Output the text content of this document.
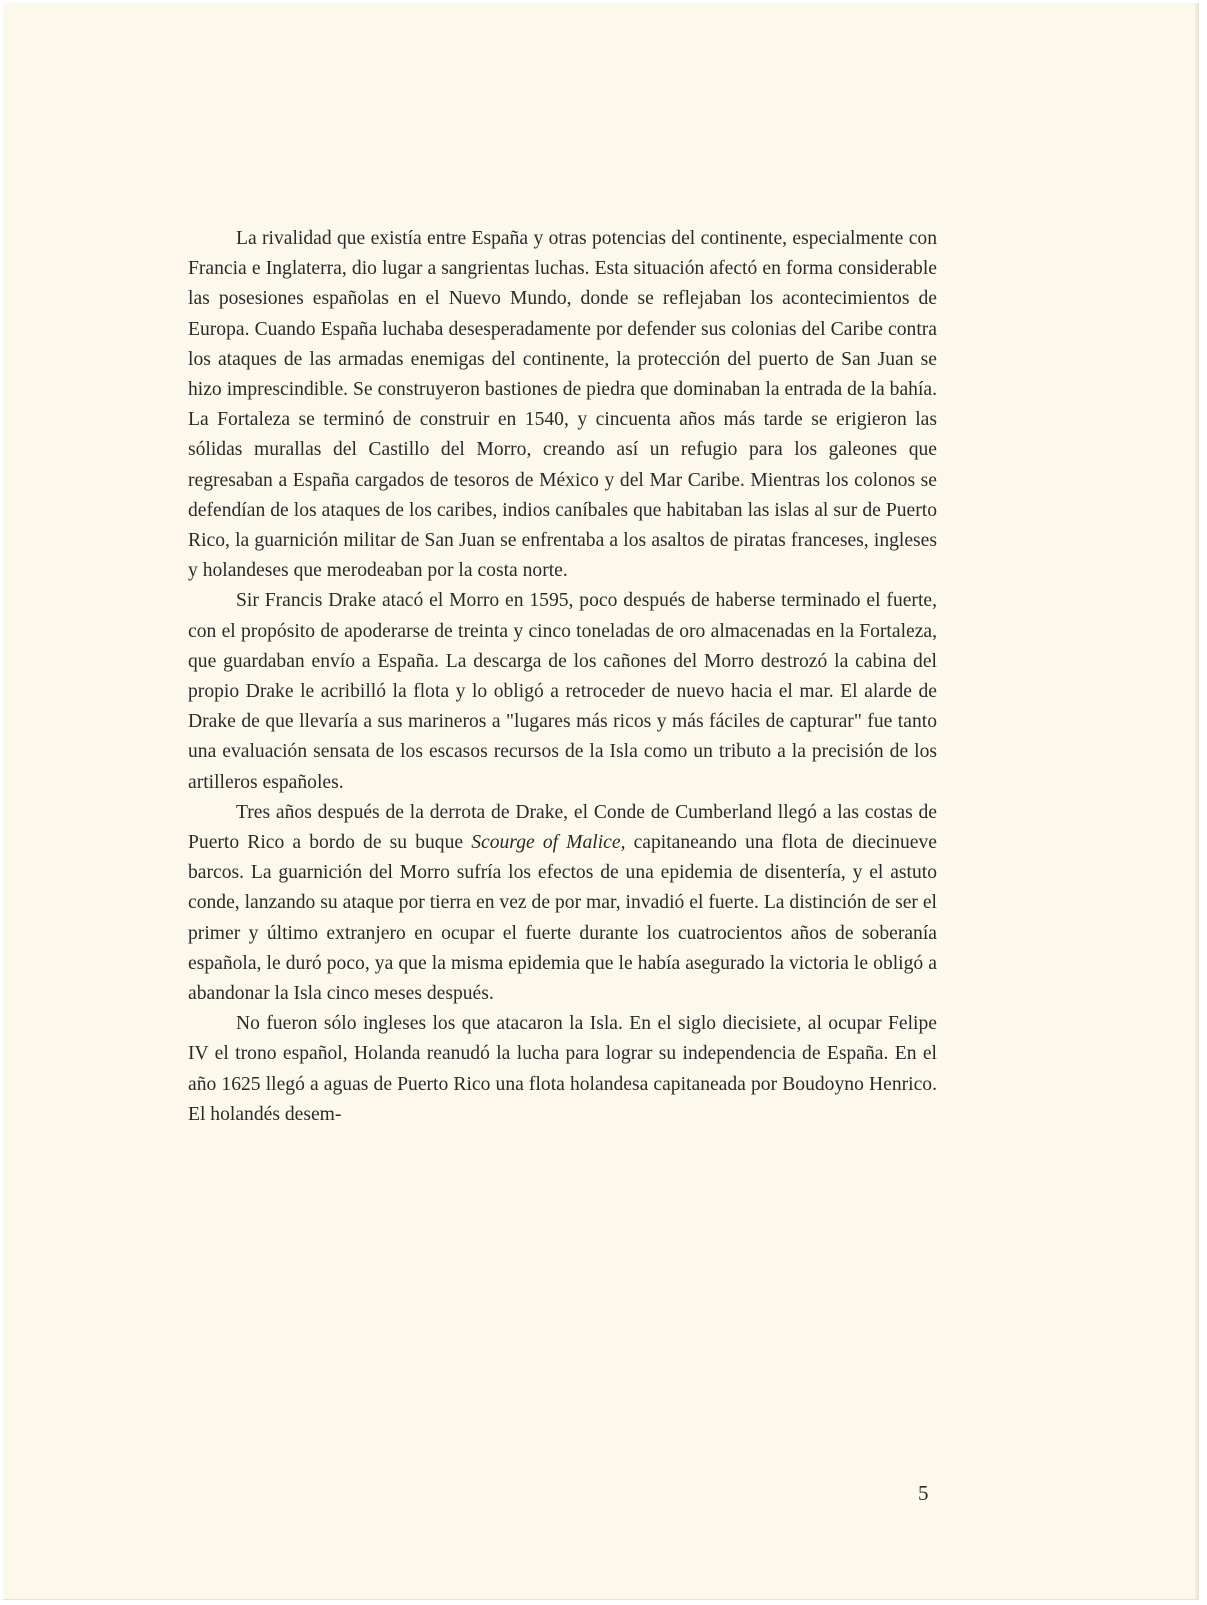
La rivalidad que existía entre España y otras potencias del continente, especialmente con Francia e Inglaterra, dio lugar a sangrientas luchas. Esta situación afectó en forma considerable las posesiones españolas en el Nuevo Mundo, donde se reflejaban los acontecimientos de Europa. Cuando España luchaba desesperadamente por defender sus colonias del Caribe contra los ataques de las armadas enemigas del continente, la protección del puerto de San Juan se hizo imprescindible. Se construyeron bastiones de piedra que dominaban la entrada de la bahía. La Fortaleza se terminó de construir en 1540, y cincuenta años más tarde se erigieron las sólidas murallas del Castillo del Morro, creando así un refugio para los galeones que regresaban a España cargados de tesoros de México y del Mar Caribe. Mientras los colonos se defendían de los ataques de los caribes, indios caníbales que habitaban las islas al sur de Puerto Rico, la guarnición militar de San Juan se enfrentaba a los asaltos de piratas franceses, ingleses y holandeses que merodeaban por la costa norte.

Sir Francis Drake atacó el Morro en 1595, poco después de haberse terminado el fuerte, con el propósito de apoderarse de treinta y cinco toneladas de oro almacenadas en la Fortaleza, que guardaban envío a España. La descarga de los cañones del Morro destrozó la cabina del propio Drake le acribilló la flota y lo obligó a retroceder de nuevo hacia el mar. El alarde de Drake de que llevaría a sus marineros a "lugares más ricos y más fáciles de capturar" fue tanto una evaluación sensata de los escasos recursos de la Isla como un tributo a la precisión de los artilleros españoles.

Tres años después de la derrota de Drake, el Conde de Cumberland llegó a las costas de Puerto Rico a bordo de su buque Scourge of Malice, capitaneando una flota de diecinueve barcos. La guarnición del Morro sufría los efectos de una epidemia de disentería, y el astuto conde, lanzando su ataque por tierra en vez de por mar, invadió el fuerte. La distinción de ser el primer y último extranjero en ocupar el fuerte durante los cuatrocientos años de soberanía española, le duró poco, ya que la misma epidemia que le había asegurado la victoria le obligó a abandonar la Isla cinco meses después.

No fueron sólo ingleses los que atacaron la Isla. En el siglo diecisiete, al ocupar Felipe IV el trono español, Holanda reanudó la lucha para lograr su independencia de España. En el año 1625 llegó a aguas de Puerto Rico una flota holandesa capitaneada por Boudoyno Henrico. El holandés desem-

5
